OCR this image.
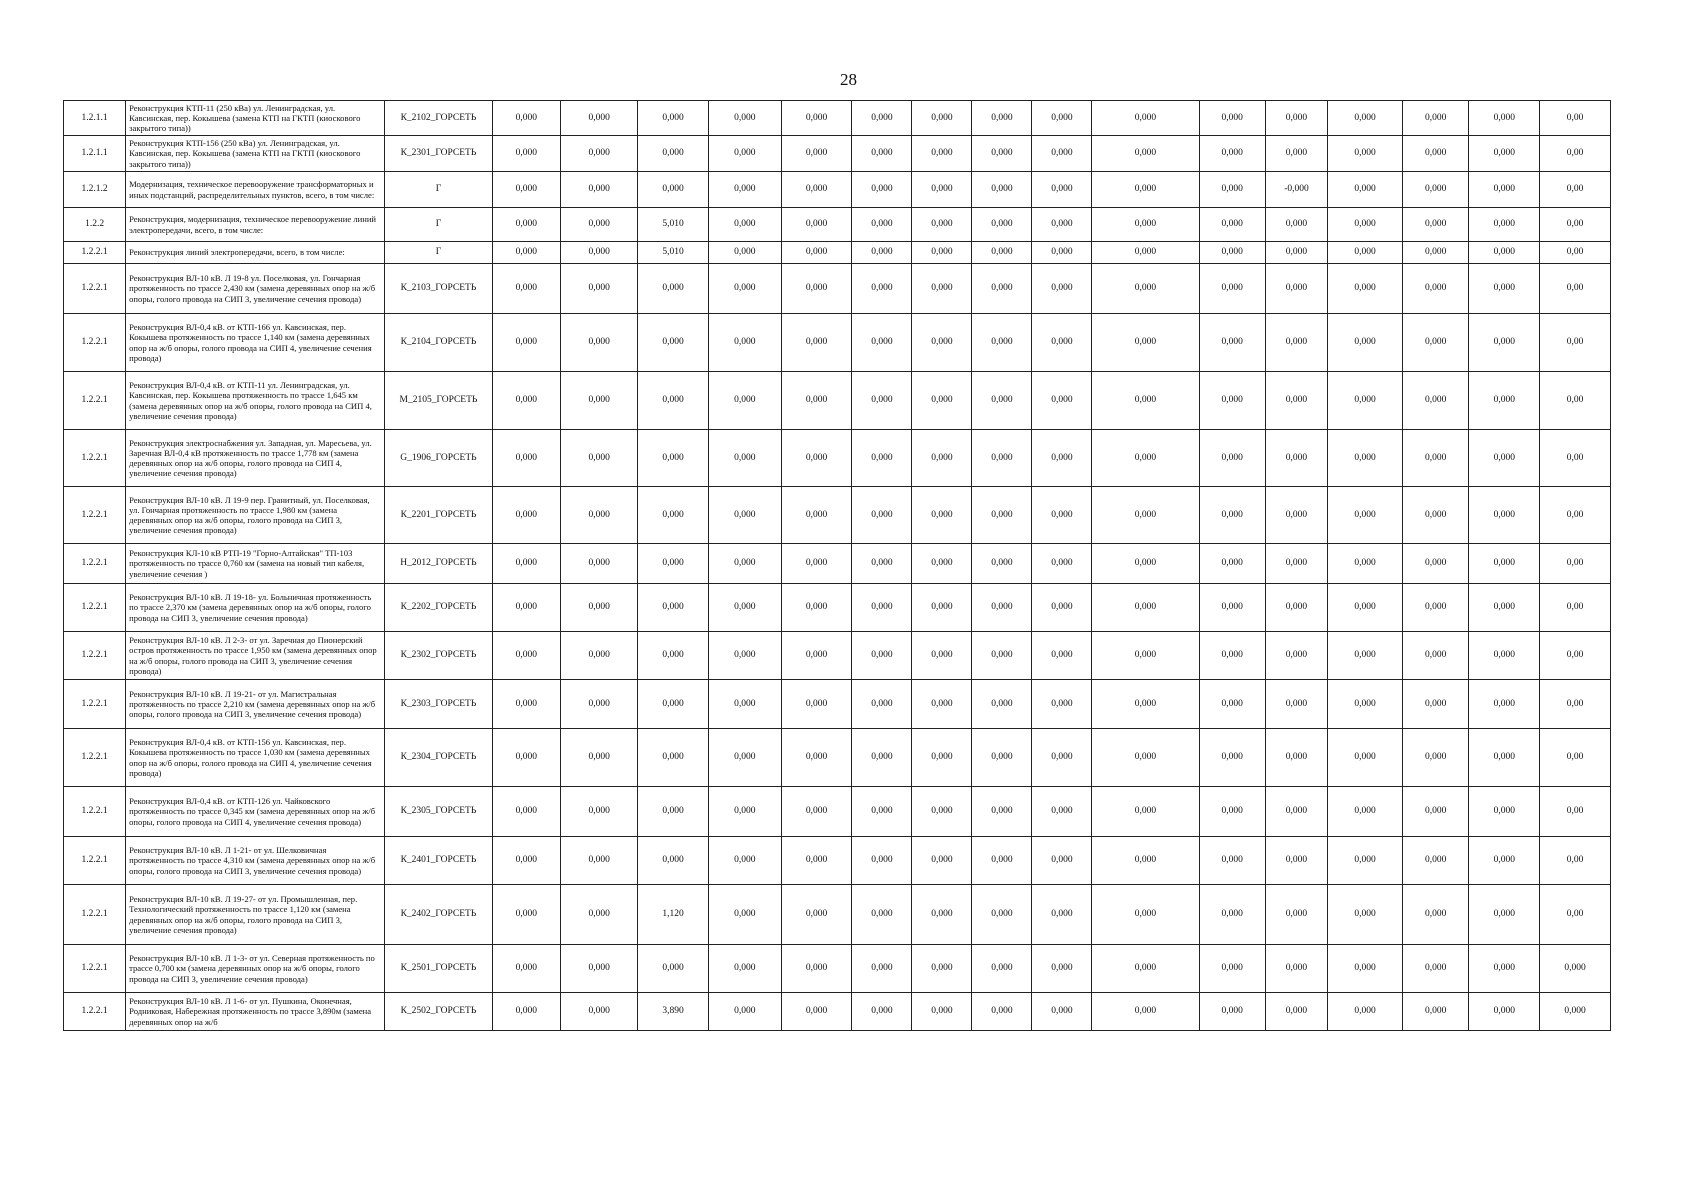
28
1.2.1.1	Реконструкция КТП-11 (250 кВа) ул. Ленинградская, ул. Кавсинская, пер. Кокышева (замена КТП на ГКТП (киоскового закрытого типа))	К_2102_ГОРСЕТЬ	0,000	0,000	0,000	0,000	0,000	0,000	0,000	0,000	0,000	0,000	0,000	0,000	0,000	0,000	0,000	0,00
1.2.1.1	Реконструкция КТП-156 (250 кВа) ул. Ленинградская, ул. Кавсинская, пер. Кокышева (замена КТП на ГКТП (киоскового закрытого типа))	К_2301_ГОРСЕТЬ	0,000	0,000	0,000	0,000	0,000	0,000	0,000	0,000	0,000	0,000	0,000	0,000	0,000	0,000	0,000	0,00
1.2.1.2	Модернизация, техническое перевооружение трансформаторных и иных подстанций, распределительных пунктов, всего, в том числе:	Г	0,000	0,000	0,000	0,000	0,000	0,000	0,000	0,000	0,000	0,000	0,000	-0,000	0,000	0,000	0,000	0,00
1.2.2	Реконструкция, модернизация, техническое перевооружение линий электропередачи, всего, в том числе:	Г	0,000	0,000	5,010	0,000	0,000	0,000	0,000	0,000	0,000	0,000	0,000	0,000	0,000	0,000	0,000	0,00
1.2.2.1	Реконструкция линий электропередачи, всего, в том числе:	Г	0,000	0,000	5,010	0,000	0,000	0,000	0,000	0,000	0,000	0,000	0,000	0,000	0,000	0,000	0,000	0,00
1.2.2.1	Реконструкция ВЛ-10 кВ. Л 19-8 ул. Поселковая, ул. Гончарная протяженность по трассе 2,430 км (замена деревянных опор на ж/б опоры, голого провода на СИП 3, увеличение сечения провода)	К_2103_ГОРСЕТЬ	0,000	0,000	0,000	0,000	0,000	0,000	0,000	0,000	0,000	0,000	0,000	0,000	0,000	0,000	0,000	0,00
1.2.2.1	Реконструкция ВЛ-0,4 кВ. от КТП-166 ул. Кавсинская, пер. Кокышева протяженность по трассе 1,140 км (замена деревянных опор на ж/б опоры, голого провода на СИП 4, увеличение сечения провода)	К_2104_ГОРСЕТЬ	0,000	0,000	0,000	0,000	0,000	0,000	0,000	0,000	0,000	0,000	0,000	0,000	0,000	0,000	0,000	0,00
1.2.2.1	Реконструкция ВЛ-0,4 кВ. от КТП-11 ул. Ленинградская, ул. Кавсинская, пер. Кокышева протяженность по трассе 1,645 км (замена деревянных опор на ж/б опоры, голого провода на СИП 4, увеличение сечения провода)	М_2105_ГОРСЕТЬ	0,000	0,000	0,000	0,000	0,000	0,000	0,000	0,000	0,000	0,000	0,000	0,000	0,000	0,000	0,000	0,00
1.2.2.1	Реконструкция электроснабжения ул. Западная, ул. Маресьева, ул. Заречная ВЛ-0,4 кВ протяженность по трассе 1,778 км (замена деревянных опор на ж/б опоры, голого провода на СИП 4, увеличение сечения провода)	G_1906_ГОРСЕТЬ	0,000	0,000	0,000	0,000	0,000	0,000	0,000	0,000	0,000	0,000	0,000	0,000	0,000	0,000	0,000	0,00
1.2.2.1	Реконструкция ВЛ-10 кВ. Л 19-9 пер. Гранитный, ул. Поселковая, ул. Гончарная протяженность по трассе 1,980 км (замена деревянных опор на ж/б опоры, голого провода на СИП 3, увеличение сечения провода)	К_2201_ГОРСЕТЬ	0,000	0,000	0,000	0,000	0,000	0,000	0,000	0,000	0,000	0,000	0,000	0,000	0,000	0,000	0,000	0,00
1.2.2.1	Реконструкция КЛ-10 кВ РТП-19 "Горно-Алтайская" ТП-103 протяженность по трассе 0,760 км (замена на новый тип кабеля, увеличение сечения )	Н_2012_ГОРСЕТЬ	0,000	0,000	0,000	0,000	0,000	0,000	0,000	0,000	0,000	0,000	0,000	0,000	0,000	0,000	0,000	0,00
1.2.2.1	Реконструкция ВЛ-10 кВ. Л 19-18- ул. Больничная протяженность по трассе 2,370 км (замена деревянных опор на ж/б опоры, голого провода на СИП 3, увеличение сечения провода)	К_2202_ГОРСЕТЬ	0,000	0,000	0,000	0,000	0,000	0,000	0,000	0,000	0,000	0,000	0,000	0,000	0,000	0,000	0,000	0,00
1.2.2.1	Реконструкция ВЛ-10 кВ. Л 2-3- от ул. Заречная до Пионерский остров протяженность по трассе 1,950 км (замена деревянных опор на ж/б опоры, голого провода на СИП 3, увеличение сечения провода)	К_2302_ГОРСЕТЬ	0,000	0,000	0,000	0,000	0,000	0,000	0,000	0,000	0,000	0,000	0,000	0,000	0,000	0,000	0,000	0,00
1.2.2.1	Реконструкция ВЛ-10 кВ. Л 19-21- от ул. Магистральная протяженность по трассе 2,210 км (замена деревянных опор на ж/б опоры, голого провода на СИП 3, увеличение сечения провода)	К_2303_ГОРСЕТЬ	0,000	0,000	0,000	0,000	0,000	0,000	0,000	0,000	0,000	0,000	0,000	0,000	0,000	0,000	0,000	0,00
1.2.2.1	Реконструкция ВЛ-0,4 кВ. от КТП-156 ул. Кавсинская, пер. Кокышева протяженность по трассе 1,030 км (замена деревянных опор на ж/б опоры, голого провода на СИП 4, увеличение сечения провода)	К_2304_ГОРСЕТЬ	0,000	0,000	0,000	0,000	0,000	0,000	0,000	0,000	0,000	0,000	0,000	0,000	0,000	0,000	0,000	0,00
1.2.2.1	Реконструкция ВЛ-0,4 кВ. от КТП-126 ул. Чайковского протяженность по трассе 0,345 км (замена деревянных опор на ж/б опоры, голого провода на СИП 4, увеличение сечения провода)	К_2305_ГОРСЕТЬ	0,000	0,000	0,000	0,000	0,000	0,000	0,000	0,000	0,000	0,000	0,000	0,000	0,000	0,000	0,000	0,00
1.2.2.1	Реконструкция ВЛ-10 кВ. Л 1-21- от ул. Шелковичная протяженность по трассе 4,310 км (замена деревянных опор на ж/б опоры, голого провода на СИП 3, увеличение сечения провода)	К_2401_ГОРСЕТЬ	0,000	0,000	0,000	0,000	0,000	0,000	0,000	0,000	0,000	0,000	0,000	0,000	0,000	0,000	0,000	0,00
1.2.2.1	Реконструкция ВЛ-10 кВ. Л 19-27- от ул. Промышленная, пер. Технологический протяженность по трассе 1,120 км (замена деревянных опор на ж/б опоры, голого провода на СИП 3, увеличение сечения провода)	К_2402_ГОРСЕТЬ	0,000	0,000	1,120	0,000	0,000	0,000	0,000	0,000	0,000	0,000	0,000	0,000	0,000	0,000	0,000	0,00
1.2.2.1	Реконструкция ВЛ-10 кВ. Л 1-3- от ул. Северная протяженность по трассе 0,700 км (замена деревянных опор на ж/б опоры, голого провода на СИП 3, увеличение сечения провода)	К_2501_ГОРСЕТЬ	0,000	0,000	0,000	0,000	0,000	0,000	0,000	0,000	0,000	0,000	0,000	0,000	0,000	0,000	0,000	0,000
1.2.2.1	Реконструкция ВЛ-10 кВ. Л 1-6- от ул. Пушкина, Оконечная, Родниковая, Набережная протяженность по трассе 3,890м (замена деревянных опор на ж/б	К_2502_ГОРСЕТЬ	0,000	0,000	3,890	0,000	0,000	0,000	0,000	0,000	0,000	0,000	0,000	0,000	0,000	0,000	0,000	0,000
